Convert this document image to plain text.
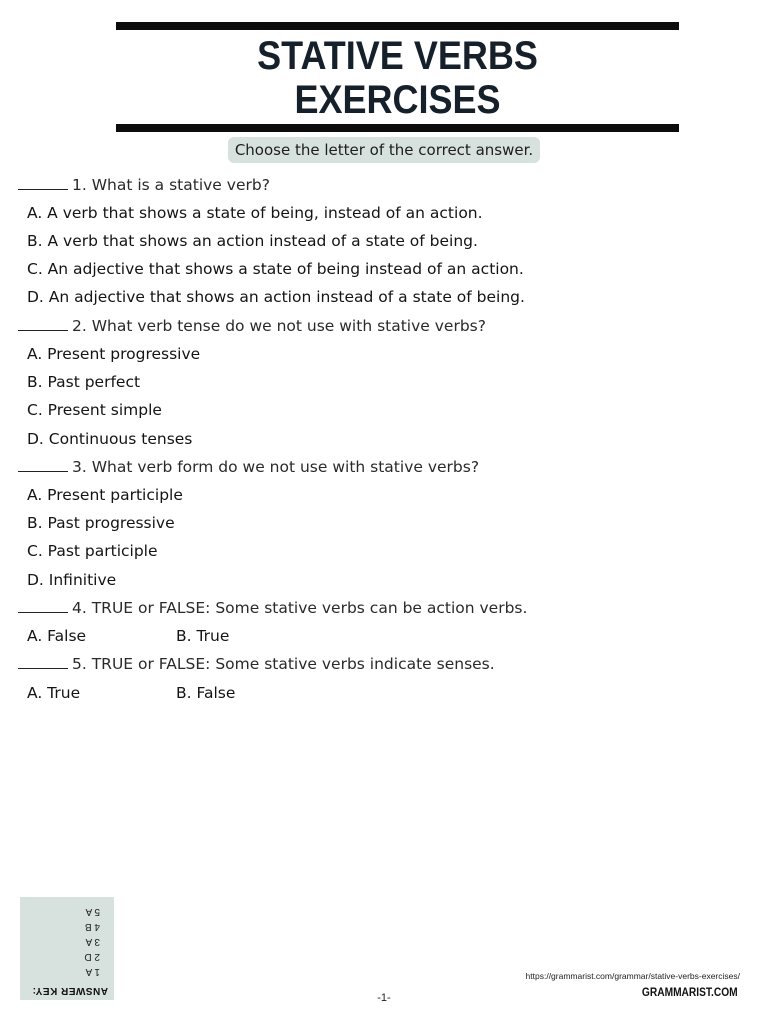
STATIVE VERBS
EXERCISES
Choose the letter of the correct answer.
1. What is a stative verb?
A. A verb that shows a state of being, instead of an action.
B. A verb that shows an action instead of a state of being.
C. An adjective that shows a state of being instead of an action.
D. An adjective that shows an action instead of a state of being.
2. What verb tense do we not use with stative verbs?
A. Present progressive
B. Past perfect
C. Present simple
D. Continuous tenses
3. What verb form do we not use with stative verbs?
A. Present participle
B. Past progressive
C. Past participle
D. Infinitive
4. TRUE or FALSE: Some stative verbs can be action verbs.
A. False	B. True
5. TRUE or FALSE: Some stative verbs indicate senses.
A. True	B. False
ANSWER KEY:
1 A
2 D
3 A
4 B
5 A
https://grammarist.com/grammar/stative-verbs-exercises/
GRAMMARIST.COM
-1-
